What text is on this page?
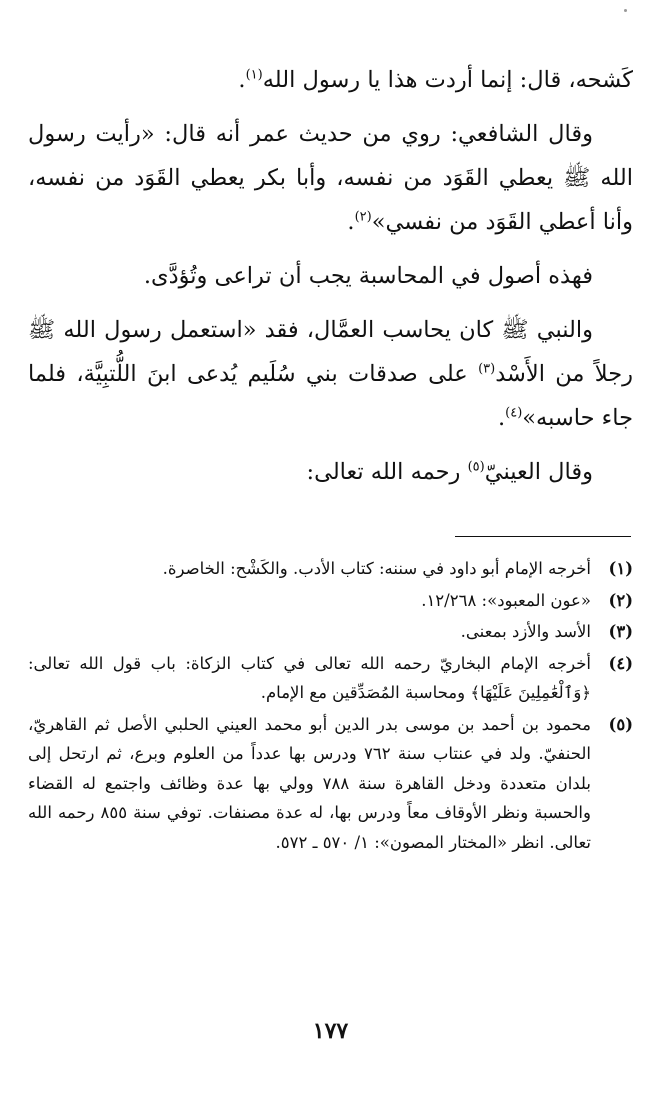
كَشحه، قال: إنما أردت هذا يا رسول الله$^{(١)}$.

وقال الشافعي: روي من حديث عمر أنه قال: «رأيت رسول الله ﷺ يعطي القَوَد من نفسه، وأبا بكر يعطي القَوَد من نفسه، وأنا أعطي القَوَد من نفسي»$^{(٢)}$.

فهذه أصول في المحاسبة يجب أن تراعى وتُؤدَّى.

والنبي ﷺ كان يحاسب العمَّال، فقد «استعمل رسول الله ﷺ رجلاً من الأَسْد$^{(٣)}$ على صدقات بني سُلَيم يُدعى ابنَ اللُّتبِيَّة، فلما جاء حاسبه»$^{(٤)}$.

وقال العينيّ$^{(٥)}$ رحمه الله تعالى:

(١)
أخرجه الإمام أبو داود في سننه: كتاب الأدب. والكَشْح: الخاصرة.
(٢)
«عون المعبود»: ١٢/٢٦٨.
(٣)
الأسد والأزد بمعنى.
(٤)
أخرجه الإمام البخاريّ رحمه الله تعالى في كتاب الزكاة: باب قول الله تعالى: ﴿وَٱلْعَٰمِلِينَ عَلَيْهَا﴾ ومحاسبة المُصَدِّقين مع الإمام.
(٥)
محمود بن أحمد بن موسى بدر الدين أبو محمد العيني الحلبي الأصل ثم القاهريّ، الحنفيّ. ولد في عنتاب سنة ٧٦٢ ودرس بها عدداً من العلوم وبرع، ثم ارتحل إلى بلدان متعددة ودخل القاهرة سنة ٧٨٨ وولي بها عدة وظائف واجتمع له القضاء والحسبة ونظر الأوقاف معاً ودرس بها، له عدة مصنفات. توفي سنة ٨٥٥ رحمه الله تعالى. انظر «المختار المصون»: ١/ ٥٧٠ ـ ٥٧٢.
١٧٧
